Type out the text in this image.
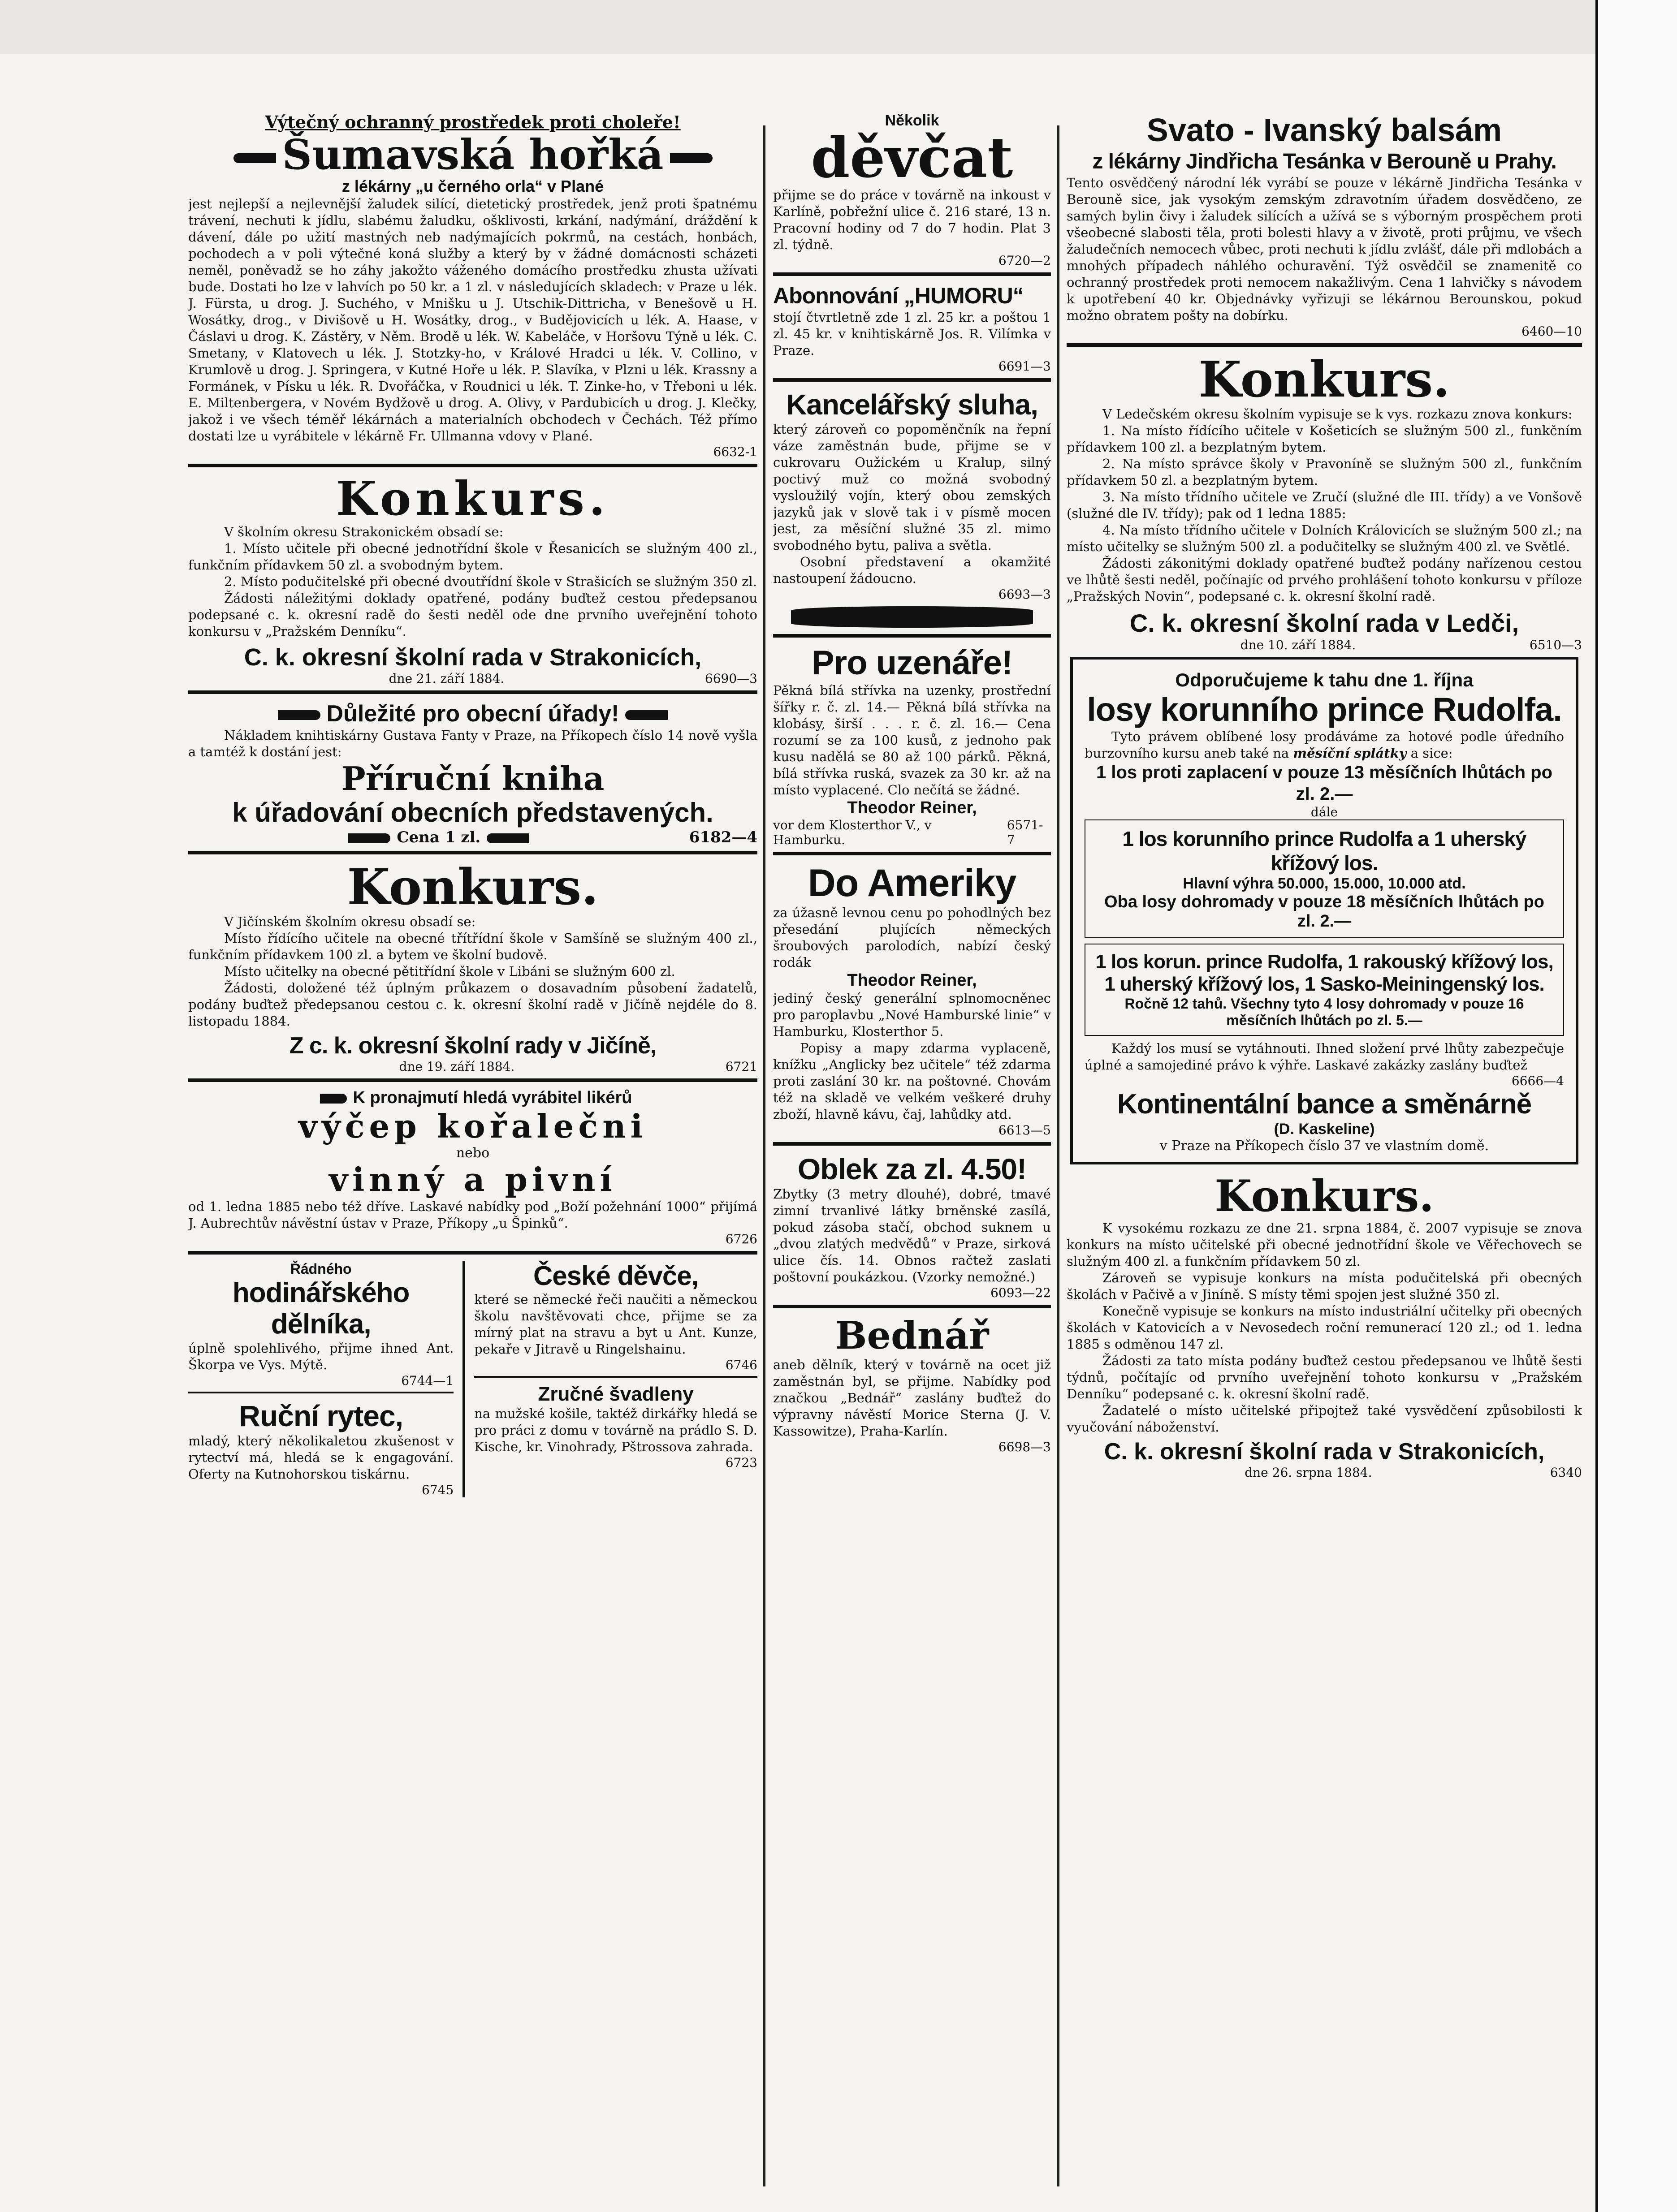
Výtečný ochranný prostředek proti choleře!
Šumavská hořká
z lékárny „u černého orla“ v Plané
jest nejlepší a nejlevnější žaludek silící, dietetický prostředek, jenž proti špatnému trávení, nechuti k jídlu, slabému žaludku, ošklivosti, krkání, nadýmání, dráždění k dávení, dále po užití mastných neb nadýmajících pokrmů, na cestách, honbách, pochodech a v poli výtečné koná služby a který by v žádné domácnosti scházeti neměl, poněvadž se ho záhy jakožto váženého domácího prostředku zhusta užívati bude. Dostati ho lze v lahvích po 50 kr. a 1 zl. v následujících skladech: v Praze u lék. J. Fürsta, u drog. J. Suchého, v Mnišku u J. Utschik-Dittricha, v Benešově u H. Wosátky, drog., v Divišově u H. Wosátky, drog., v Budějovicích u lék. A. Haase, v Čáslavi u drog. K. Zástěry, v Něm. Brodě u lék. W. Kabeláče, v Horšovu Týně u lék. C. Smetany, v Klatovech u lék. J. Stotzky-ho, v Králové Hradci u lék. V. Collino, v Krumlově u drog. J. Springera, v Kutné Hoře u lék. P. Slavíka, v Plzni u lék. Krassny a Formánek, v Písku u lék. R. Dvořáčka, v Roudnici u lék. T. Zinke-ho, v Třeboni u lék. E. Miltenbergera, v Novém Bydžově u drog. A. Olivy, v Pardubicích u drog. J. Klečky, jakož i ve všech téměř lékárnách a materialních obchodech v Čechách. Též přímo dostati lze u vyrábitele v lékárně Fr. Ullmanna vdovy v Plané.
6632-1
Konkurs.
V školním okresu Strakonickém obsadí se:
1. Místo učitele při obecné jednotřídní škole v Řesanicích se služným 400 zl., funkčním přídavkem 50 zl. a svobodným bytem.
2. Místo podučitelské při obecné dvoutřídní škole v Strašicích se služným 350 zl.
Žádosti náležitými doklady opatřené, podány buďtež cestou předepsanou podepsané c. k. okresní radě do šesti neděl ode dne prvního uveřejnění tohoto konkursu v „Pražském Denníku“.
C. k. okresní školní rada v Strakonicích,
dne 21. září 1884.	6690—3
Důležité pro obecní úřady!
Nákladem knihtiskárny Gustava Fanty v Praze, na Příkopech číslo 14 nově vyšla a tamtéž k dostání jest:
Příruční kniha
k úřadování obecních představených.
Cena 1 zl.	6182—4
Konkurs.
V Jičínském školním okresu obsadí se:
Místo řídícího učitele na obecné třítřídní škole v Samšíně se služným 400 zl., funkčním přídavkem 100 zl. a bytem ve školní budově.
Místo učitelky na obecné pětitřídní škole v Libáni se služným 600 zl.
Žádosti, doložené též úplným průkazem o dosavadním působení žadatelů, podány buďtež předepsanou cestou c. k. okresní školní radě v Jičíně nejdéle do 8. listopadu 1884.
Z c. k. okresní školní rady v Jičíně,
dne 19. září 1884.	6721
K pronajmutí hledá vyrábitel likérů
výčep kořalečni
nebo
vinný a pivní
od 1. ledna 1885 nebo též dříve. Laskavé nabídky pod „Boží požehnání 1000“ přijímá J. Aubrechtův návěstní ústav v Praze, Příkopy „u Špinků“.
6726
Řádného
hodinářského dělníka,
úplně spolehlivého, přijme ihned Ant. Škorpa ve Vys. Mýtě.
6744—1
Ruční rytec,
mladý, který několikaletou zkušenost v rytectví má, hledá se k engagování. Oferty na Kutnohorskou tiskárnu.
6745
České děvče,
které se německé řeči naučiti a německou školu navštěvovati chce, přijme se za mírný plat na stravu a byt u Ant. Kunze, pekaře v Jitravě u Ringelshainu.
6746
Zručné švadleny
na mužské košile, taktéž dirkářky hledá se pro práci z domu v továrně na prádlo S. D. Kische, kr. Vinohrady, Pštrossova zahrada.
6723
Několik
děvčat
přijme se do práce v továrně na inkoust v Karlíně, pobřežní ulice č. 216 staré, 13 n. Pracovní hodiny od 7 do 7 hodin. Plat 3 zl. týdně.
6720—2
Abonnování „HUMORU“
stojí čtvrtletně zde 1 zl. 25 kr. a poštou 1 zl. 45 kr. v knihtiskárně Jos. R. Vilímka v Praze.
6691—3
Kancelářský sluha,
který zároveň co popoměnčník na řepní váze zaměstnán bude, přijme se v cukrovaru Oužickém u Kralup, silný poctivý muž co možná svobodný vysloužilý vojín, který obou zemských jazyků jak v slově tak i v písmě mocen jest, za měsíční služné 35 zl. mimo svobodného bytu, paliva a světla.
Osobní představení a okamžité nastoupení žádoucno.
6693—3
Pro uzenáře!
Pěkná bílá střívka na uzenky, prostřední šířky r. č. zl. 14.— Pěkná bílá střívka na klobásy, širší . . . r. č. zl. 16.— Cena rozumí se za 100 kusů, z jednoho pak kusu nadělá se 80 až 100 párků. Pěkná, bílá střívka ruská, svazek za 30 kr. až na místo vyplacené. Clo nečítá se žádné.
Theodor Reiner,
vor dem Klosterthor V., v Hamburku.
6571-7
Do Ameriky
za úžasně levnou cenu po pohodlných bez přesedání plujících německých šroubových parolodích, nabízí český rodák
Theodor Reiner,
jediný český generální splnomocněnec pro paroplavbu „Nové Hamburské linie“ v Hamburku, Klosterthor 5.
Popisy a mapy zdarma vyplaceně, knížku „Anglicky bez učitele“ též zdarma proti zaslání 30 kr. na poštovné. Chovám též na skladě ve velkém veškeré druhy zboží, hlavně kávu, čaj, lahůdky atd.
6613—5
Oblek za zl. 4.50!
Zbytky (3 metry dlouhé), dobré, tmavé zimní trvanlivé látky brněnské zasílá, pokud zásoba stačí, obchod suknem u „dvou zlatých medvědů“ v Praze, sirková ulice čís. 14. Obnos račtež zaslati poštovní poukázkou. (Vzorky nemožné.)
6093—22
Bednář
aneb dělník, který v továrně na ocet již zaměstnán byl, se přijme. Nabídky pod značkou „Bednář“ zaslány buďtež do výpravny návěstí Morice Sterna (J. V. Kassowitze), Praha-Karlín.
6698—3
Svato - Ivanský balsám
z lékárny Jindřicha Tesánka v Berouně u Prahy.
Tento osvědčený národní lék vyrábí se pouze v lékárně Jindřicha Tesánka v Berouně sice, jak vysokým zemským zdravotním úřadem dosvědčeno, ze samých bylin čivy i žaludek silících a užívá se s výborným prospěchem proti všeobecné slabosti těla, proti bolesti hlavy a v životě, proti průjmu, ve všech žaludečních nemocech vůbec, proti nechuti k jídlu zvlášť, dále při mdlobách a mnohých případech náhlého ochuravění. Týž osvědčil se znamenitě co ochranný prostředek proti nemocem nakažlivým. Cena 1 lahvičky s návodem k upotřebení 40 kr. Objednávky vyřizuji se lékárnou Berounskou, pokud možno obratem pošty na dobírku.
6460—10
Konkurs.
V Ledečském okresu školním vypisuje se k vys. rozkazu znova konkurs:
1. Na místo řídícího učitele v Košeticích se služným 500 zl., funkčním přídavkem 100 zl. a bezplatným bytem.
2. Na místo správce školy v Pravoníně se služným 500 zl., funkčním přídavkem 50 zl. a bezplatným bytem.
3. Na místo třídního učitele ve Zručí (služné dle III. třídy) a ve Vonšově (služné dle IV. třídy); pak od 1 ledna 1885:
4. Na místo třídního učitele v Dolních Královicích se služným 500 zl.; na místo učitelky se služným 500 zl. a podučitelky se služným 400 zl. ve Světlé.
Žádosti zákonitými doklady opatřené buďtež podány nařízenou cestou ve lhůtě šesti neděl, počínajíc od prvého prohlášení tohoto konkursu v příloze „Pražských Novin“, podepsané c. k. okresní školní radě.
C. k. okresní školní rada v Ledči,
dne 10. září 1884.	6510—3
Odporučujeme k tahu dne 1. října
losy korunního prince Rudolfa.
Tyto právem oblíbené losy prodáváme za hotové podle úředního burzovního kursu aneb také na měsíční splátky a sice:
1 los proti zaplacení v pouze 13 měsíčních lhůtách po zl. 2.—
dále
1 los korunního prince Rudolfa a 1 uherský křížový los.
Hlavní výhra 50.000, 15.000, 10.000 atd.
Oba losy dohromady v pouze 18 měsíčních lhůtách po zl. 2.—
1 los korun. prince Rudolfa, 1 rakouský křížový los,
1 uherský křížový los, 1 Sasko-Meiningenský los.
Ročně 12 tahů. Všechny tyto 4 losy dohromady v pouze 16 měsíčních lhůtách po zl. 5.—
Každý los musí se vytáhnouti. Ihned složení prvé lhůty zabezpečuje úplné a samojediné právo k výhře. Laskavé zakázky zaslány buďtež
6666—4
Kontinentální bance a směnárně
(D. Kaskeline)
v Praze na Příkopech číslo 37 ve vlastním domě.
Konkurs.
K vysokému rozkazu ze dne 21. srpna 1884, č. 2007 vypisuje se znova konkurs na místo učitelské při obecné jednotřídní škole ve Věřechovech se služným 400 zl. a funkčním přídavkem 50 zl.
Zároveň se vypisuje konkurs na místa podučitelská při obecných školách v Pačivě a v Jiníně. S místy těmi spojen jest služné 350 zl.
Konečně vypisuje se konkurs na místo industriální učitelky při obecných školách v Katovicích a v Nevosedech roční remunerací 120 zl.; od 1. ledna 1885 s odměnou 147 zl.
Žádosti za tato místa podány buďtež cestou předepsanou ve lhůtě šesti týdnů, počítajíc od prvního uveřejnění tohoto konkursu v „Pražském Denníku“ podepsané c. k. okresní školní radě.
Žadatelé o místo učitelské připojtež také vysvědčení způsobilosti k vyučování náboženství.
C. k. okresní školní rada v Strakonicích,
dne 26. srpna 1884.	6340
